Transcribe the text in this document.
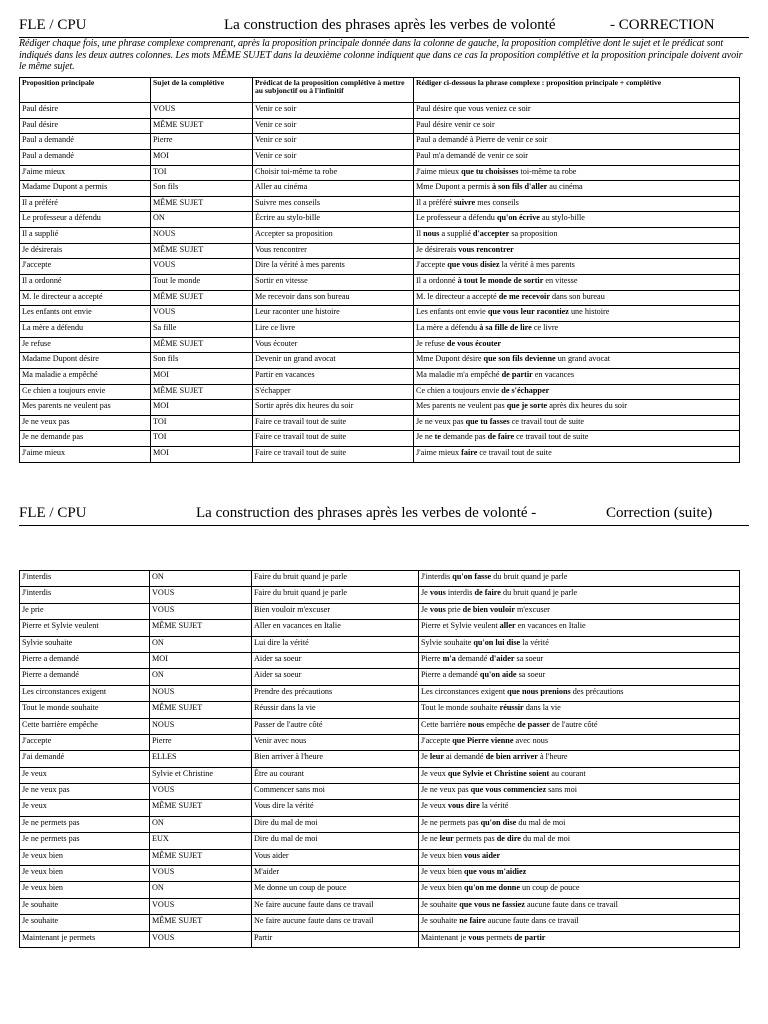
FLE / CPU	La construction des phrases après les verbes de volonté	- CORRECTION
Rédiger chaque fois, une phrase complexe comprenant, après la proposition principale donnée dans la colonne de gauche, la proposition complétive dont le sujet et le prédicat sont indiqués dans les deux autres colonnes. Les mots MÊME SUJET dans la deuxième colonne indiquent que dans ce cas la proposition complétive et la proposition principale doivent avoir le même sujet.
Proposition principale	Sujet de la complétive	Prédicat de la proposition complétive à mettre au subjonctif ou à l'infinitif	Rédiger ci-dessous la phrase complexe : proposition principale + complétive
Paul désire	VOUS	Venir ce soir	Paul désire que vous veniez ce soir
Paul désire	MÊME SUJET	Venir ce soir	Paul désire venir ce soir
Paul a demandé	Pierre	Venir ce soir	Paul a demandé à Pierre de venir ce soir
Paul a demandé	MOI	Venir ce soir	Paul m'a demandé de venir ce soir
J'aime mieux	TOI	Choisir toi-même ta robe	J'aime mieux que tu choisisses toi-même ta robe
Madame Dupont a permis	Son fils	Aller au cinéma	Mme Dupont a permis à son fils d'aller au cinéma
Il a préféré	MÊME SUJET	Suivre mes conseils	Il a préféré suivre mes conseils
Le professeur a défendu	ON	Écrire au stylo-bille	Le professeur a défendu qu'on écrive au stylo-bille
Il a supplié	NOUS	Accepter sa proposition	Il nous a supplié d'accepter sa proposition
Je désirerais	MÊME SUJET	Vous rencontrer	Je désirerais vous rencontrer
J'accepte	VOUS	Dire la vérité à mes parents	J'accepte que vous disiez la vérité à mes parents
Il a ordonné	Tout le monde	Sortir en vitesse	Il a ordonné à tout le monde de sortir en vitesse
M. le directeur a accepté	MÊME SUJET	Me recevoir dans son bureau	M. le directeur a accepté de me recevoir dans son bureau
Les enfants ont envie	VOUS	Leur raconter une histoire	Les enfants ont envie que vous leur racontiez une histoire
La mère a défendu	Sa fille	Lire ce livre	La mère a défendu à sa fille de lire ce livre
Je refuse	MÊME SUJET	Vous écouter	Je refuse de vous écouter
Madame Dupont désire	Son fils	Devenir un grand avocat	Mme Dupont désire que son fils devienne un grand avocat
Ma maladie a empêché	MOI	Partir en vacances	Ma maladie m'a empêché de partir en vacances
Ce chien a toujours envie	MÊME SUJET	S'échapper	Ce chien a toujours envie de s'échapper
Mes parents ne veulent pas	MOI	Sortir après dix heures du soir	Mes parents ne veulent pas que je sorte après dix heures du soir
Je ne veux pas	TOI	Faire ce travail tout de suite	Je ne veux pas que tu fasses ce travail tout de suite
Je ne demande pas	TOI	Faire ce travail tout de suite	Je ne te demande pas de faire ce travail tout de suite
J'aime mieux	MOI	Faire ce travail tout de suite	J'aime mieux faire ce travail tout de suite
FLE / CPU	La construction des phrases après les verbes de volonté -	Correction (suite)
J'interdis	ON	Faire du bruit quand je parle	J'interdis qu'on fasse du bruit quand je parle
J'interdis	VOUS	Faire du bruit quand je parle	Je vous interdis de faire du bruit quand je parle
Je prie	VOUS	Bien vouloir m'excuser	Je vous prie de bien vouloir m'excuser
Pierre et Sylvie veulent	MÊME SUJET	Aller en vacances en Italie	Pierre et Sylvie veulent aller en vacances en Italie
Sylvie souhaite	ON	Lui dire la vérité	Sylvie souhaite qu'on lui dise la vérité
Pierre a demandé	MOI	Aider sa soeur	Pierre m'a demandé d'aider sa soeur
Pierre a demandé	ON	Aider sa soeur	Pierre a demandé qu'on aide sa soeur
Les circonstances exigent	NOUS	Prendre des précautions	Les circonstances exigent que nous prenions des précautions
Tout le monde souhaite	MÊME SUJET	Réussir dans la vie	Tout le monde souhaite réussir dans la vie
Cette barrière empêche	NOUS	Passer de l'autre côté	Cette barrière nous empêche de passer de l'autre côté
J'accepte	Pierre	Venir avec nous	J'accepte que Pierre vienne avec nous
J'ai demandé	ELLES	Bien arriver à l'heure	Je leur ai demandé de bien arriver à l'heure
Je veux	Sylvie et Christine	Être au courant	Je veux que Sylvie et Christine soient au courant
Je ne veux pas	VOUS	Commencer sans moi	Je ne veux pas que vous commenciez sans moi
Je veux	MÊME SUJET	Vous dire la vérité	Je veux vous dire la vérité
Je ne permets pas	ON	Dire du mal de moi	Je ne permets pas qu'on dise du mal de moi
Je ne permets pas	EUX	Dire du mal de moi	Je ne leur permets pas de dire du mal de moi
Je veux bien	MÊME SUJET	Vous aider	Je veux bien vous aider
Je veux bien	VOUS	M'aider	Je veux bien que vous m'aidiez
Je veux bien	ON	Me donne un coup de pouce	Je veux bien qu'on me donne un coup de pouce
Je souhaite	VOUS	Ne faire aucune faute dans ce travail	Je souhaite que vous ne fassiez aucune faute dans ce travail
Je souhaite	MÊME SUJET	Ne faire aucune faute dans ce travail	Je souhaite ne faire aucune faute dans ce travail
Maintenant je permets	VOUS	Partir	Maintenant je vous permets de partir
